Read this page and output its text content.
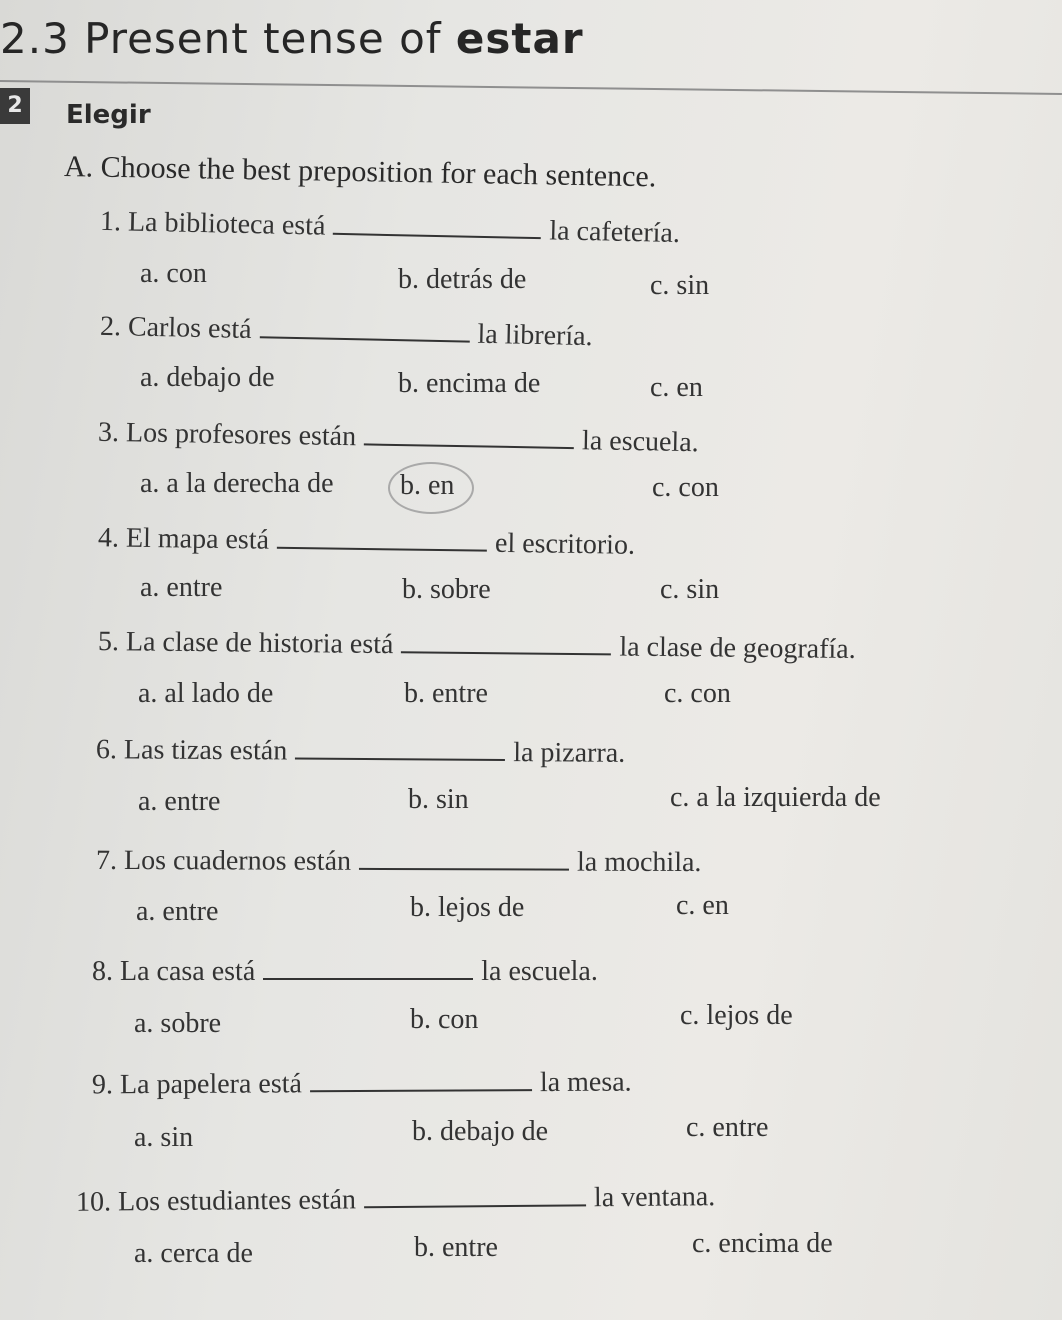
2.3 Present tense of estar
2 Elegir
A. Choose the best preposition for each sentence.
1. La biblioteca está	la cafetería.
a. con	b. detrás de	c. sin
2. Carlos está	la librería.
a. debajo de	b. encima de	c. en
3. Los profesores están	la escuela.
a. a la derecha de b. en	c. con
4. El mapa está	el escritorio.
a. entre	b. sobre	c. sin
5. La clase de historia está	la clase de geografía.
a. al lado de	b. entre	c. con
6. Las tizas están	la pizarra.
a. entre	b. sin	c. a la izquierda de
7. Los cuadernos están	la mochila.
a. entre	b. lejos de	c. en
8. La casa está	la escuela.
a. sobre	b. con	c. lejos de
9. La papelera está	la mesa.
a. sin	b. debajo de	c. entre
10. Los estudiantes están	la ventana.
a. cerca de	b. entre	c. encima de
